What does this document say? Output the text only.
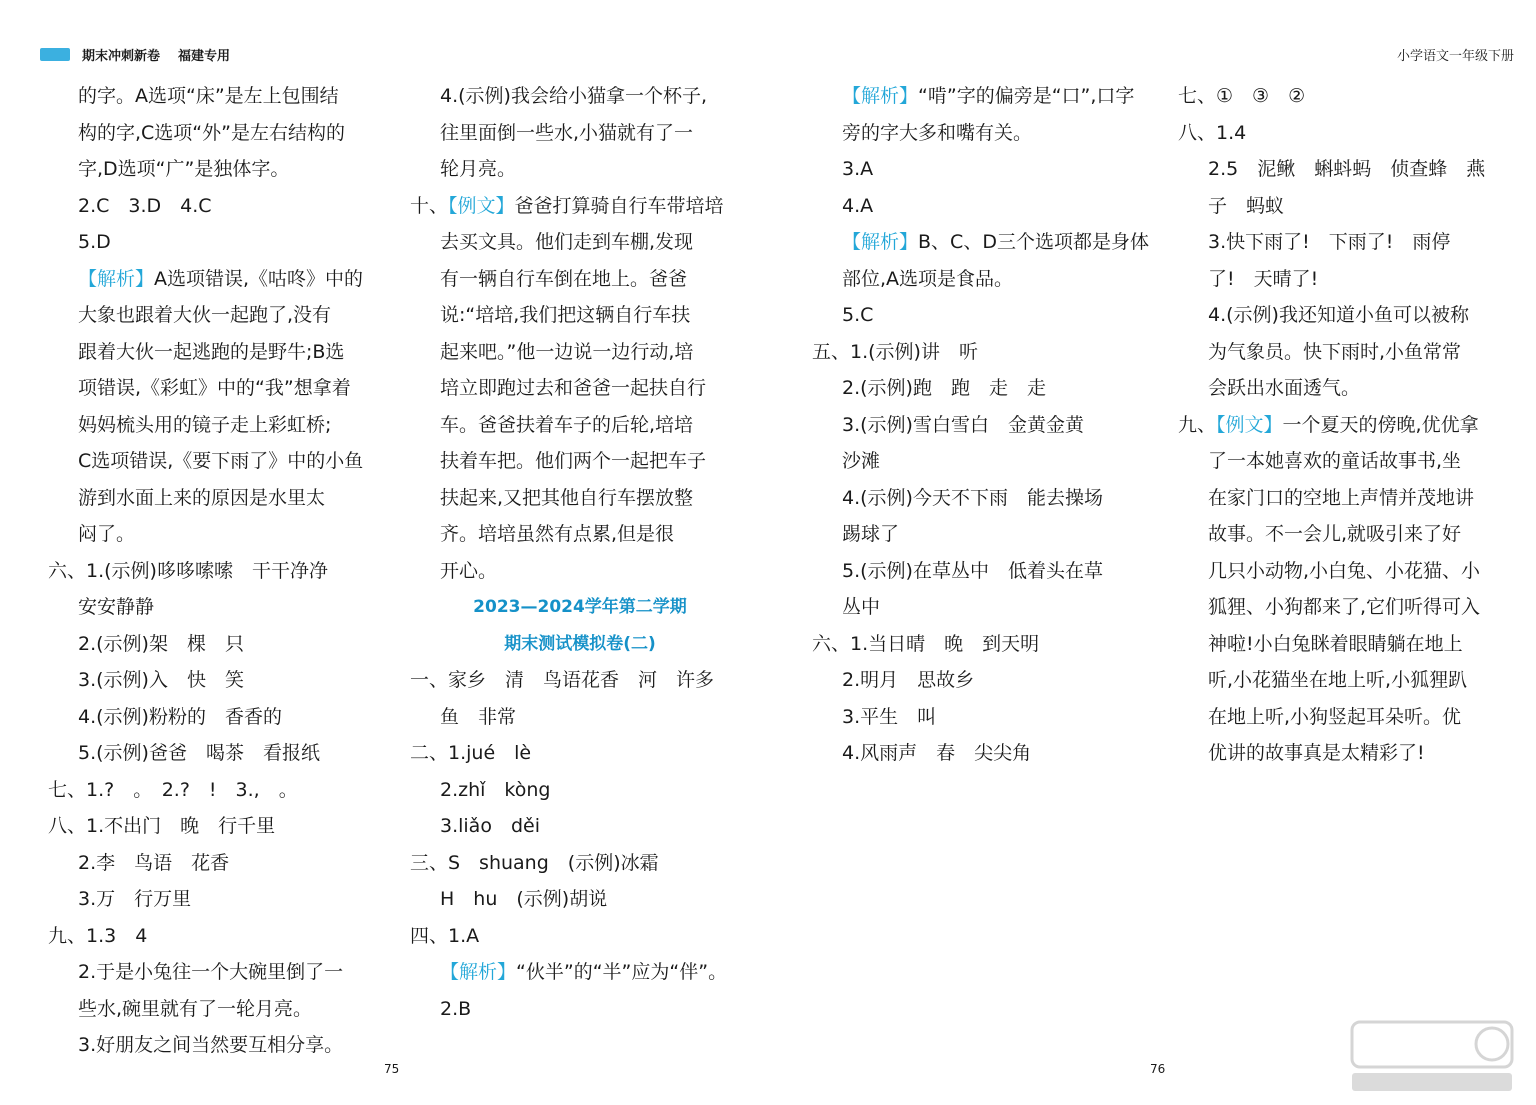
期末冲刺新卷 福建专用	小学语文一年级下册
的字。A选项“床”是左上包围结
构的字,C选项“外”是左右结构的
字,D选项“广”是独体字。
2.C　3.D　4.C
5.D
【解析】A选项错误,《咕咚》中的
大象也跟着大伙一起跑了,没有
跟着大伙一起逃跑的是野牛;B选
项错误,《彩虹》中的“我”想拿着
妈妈梳头用的镜子走上彩虹桥;
C选项错误,《要下雨了》中的小鱼
游到水面上来的原因是水里太
闷了。
六、1.(示例)哆哆嗦嗦　干干净净
安安静静
2.(示例)架　棵　只
3.(示例)入　快　笑
4.(示例)粉粉的　香香的
5.(示例)爸爸　喝茶　看报纸
七、1.?　。　2.?　!　3.,　。
八、1.不出门　晚　行千里
2.李　鸟语　花香
3.万　行万里
九、1.3　4
2.于是小兔往一个大碗里倒了一
些水,碗里就有了一轮月亮。
3.好朋友之间当然要互相分享。
4.(示例)我会给小猫拿一个杯子,
往里面倒一些水,小猫就有了一
轮月亮。
十、【例文】爸爸打算骑自行车带培培
去买文具。他们走到车棚,发现
有一辆自行车倒在地上。爸爸
说:“培培,我们把这辆自行车扶
起来吧。”他一边说一边行动,培
培立即跑过去和爸爸一起扶自行
车。爸爸扶着车子的后轮,培培
扶着车把。他们两个一起把车子
扶起来,又把其他自行车摆放整
齐。培培虽然有点累,但是很
开心。
2023—2024学年第二学期
期末测试模拟卷(二)
一、家乡　清　鸟语花香　河　许多
鱼　非常
二、1.jué　lè
2.zhǐ　kòng
3.liǎo　děi
三、S　shuang　(示例)冰霜
H　hu　(示例)胡说
四、1.A
【解析】“伙半”的“半”应为“伴”。
2.B
【解析】“啃”字的偏旁是“口”,口字
旁的字大多和嘴有关。
3.A
4.A
【解析】B、C、D三个选项都是身体
部位,A选项是食品。
5.C
五、1.(示例)讲　听
2.(示例)跑　跑　走　走
3.(示例)雪白雪白　金黄金黄
沙滩
4.(示例)今天不下雨　能去操场
踢球了
5.(示例)在草丛中　低着头在草
丛中
六、1.当日晴　晚　到天明
2.明月　思故乡
3.平生　叫
4.风雨声　春　尖尖角
七、①　③　②
八、1.4
2.5　泥鳅　蝌蚪蚂　侦查蜂　燕
子　蚂蚁
3.快下雨了!　下雨了!　雨停
了!　天晴了!
4.(示例)我还知道小鱼可以被称
为气象员。快下雨时,小鱼常常
会跃出水面透气。
九、【例文】一个夏天的傍晚,优优拿
了一本她喜欢的童话故事书,坐
在家门口的空地上声情并茂地讲
故事。不一会儿,就吸引来了好
几只小动物,小白兔、小花猫、小
狐狸、小狗都来了,它们听得可入
神啦!小白兔眯着眼睛躺在地上
听,小花猫坐在地上听,小狐狸趴
在地上听,小狗竖起耳朵听。优
优讲的故事真是太精彩了!
75	76
